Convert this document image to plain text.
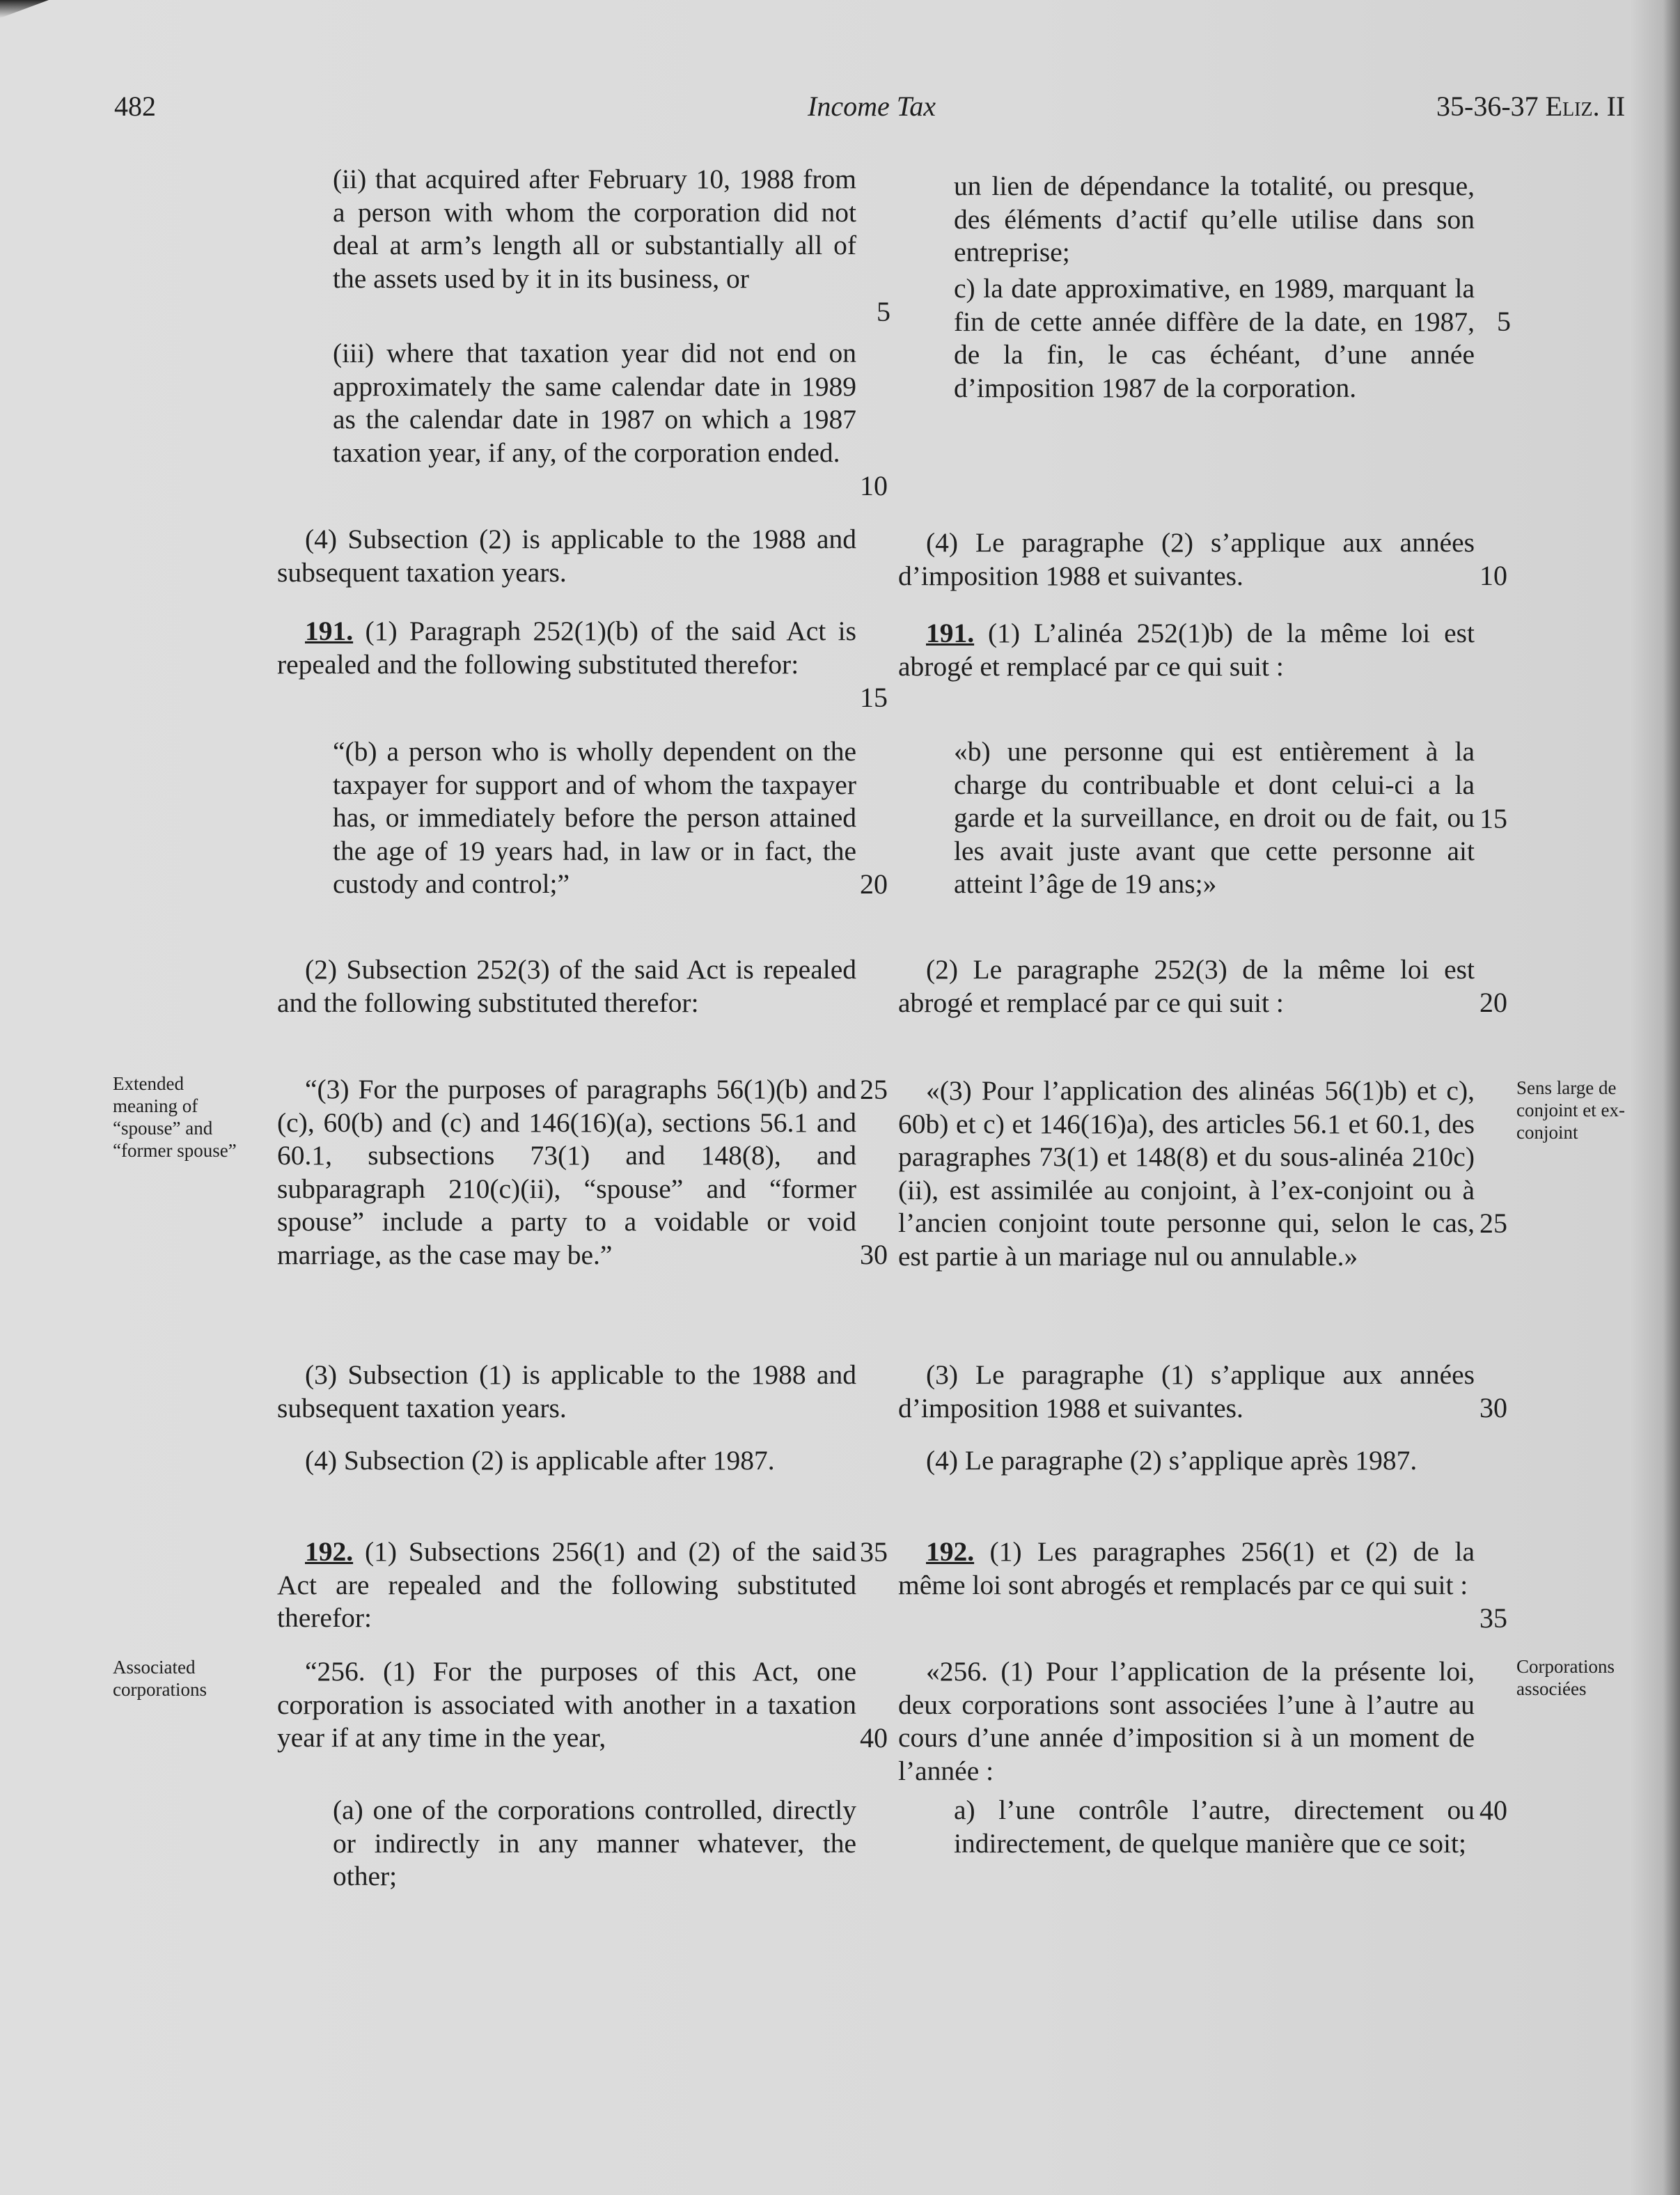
482	Income Tax	35-36-37 Eliz. II
(ii) that acquired after February 10, 1988 from a person with whom the corporation did not deal at arm’s length all or substantially all of the assets used by it in its business, or
(iii) where that taxation year did not end on approximately the same calendar date in 1989 as the calendar date in 1987 on which a 1987 taxation year, if any, of the corporation ended.
(4) Subsection (2) is applicable to the 1988 and subsequent taxation years.
191. (1) Paragraph 252(1)(b) of the said Act is repealed and the following substituted therefor:
“(b) a person who is wholly dependent on the taxpayer for support and of whom the taxpayer has, or immediately before the person attained the age of 19 years had, in law or in fact, the custody and control;”
(2) Subsection 252(3) of the said Act is repealed and the following substituted therefor:
“(3) For the purposes of paragraphs 56(1)(b) and (c), 60(b) and (c) and 146(16)(a), sections 56.1 and 60.1, subsections 73(1) and 148(8), and subparagraph 210(c)(ii), “spouse” and “former spouse” include a party to a voidable or void marriage, as the case may be.”
(3) Subsection (1) is applicable to the 1988 and subsequent taxation years.
(4) Subsection (2) is applicable after 1987.
192. (1) Subsections 256(1) and (2) of the said Act are repealed and the following substituted therefor:
“256. (1) For the purposes of this Act, one corporation is associated with another in a taxation year if at any time in the year,
(a) one of the corporations controlled, directly or indirectly in any manner whatever, the other;
5
10
15
20
25
30
35
40
un lien de dépendance la totalité, ou presque, des éléments d’actif qu’elle utilise dans son entreprise;
c) la date approximative, en 1989, marquant la fin de cette année diffère de la date, en 1987, de la fin, le cas échéant, d’une année d’imposition 1987 de la corporation.
(4) Le paragraphe (2) s’applique aux années d’imposition 1988 et suivantes.
191. (1) L’alinéa 252(1)b) de la même loi est abrogé et remplacé par ce qui suit :
«b) une personne qui est entièrement à la charge du contribuable et dont celui-ci a la garde et la surveillance, en droit ou de fait, ou les avait juste avant que cette personne ait atteint l’âge de 19 ans;»
(2) Le paragraphe 252(3) de la même loi est abrogé et remplacé par ce qui suit :
«(3) Pour l’application des alinéas 56(1)b) et c), 60b) et c) et 146(16)a), des articles 56.1 et 60.1, des paragraphes 73(1) et 148(8) et du sous-alinéa 210c)(ii), est assimilée au conjoint, à l’ex-conjoint ou à l’ancien conjoint toute personne qui, selon le cas, est partie à un mariage nul ou annulable.»
(3) Le paragraphe (1) s’applique aux années d’imposition 1988 et suivantes.
(4) Le paragraphe (2) s’applique après 1987.
192. (1) Les paragraphes 256(1) et (2) de la même loi sont abrogés et remplacés par ce qui suit :
«256. (1) Pour l’application de la présente loi, deux corporations sont associées l’une à l’autre au cours d’une année d’imposition si à un moment de l’année :
a) l’une contrôle l’autre, directement ou indirectement, de quelque manière que ce soit;
5
10
15
20
25
30
35
40
Extended meaning of “spouse” and “former spouse”
Associated corporations
Sens large de conjoint et ex-conjoint
Corporations associées
